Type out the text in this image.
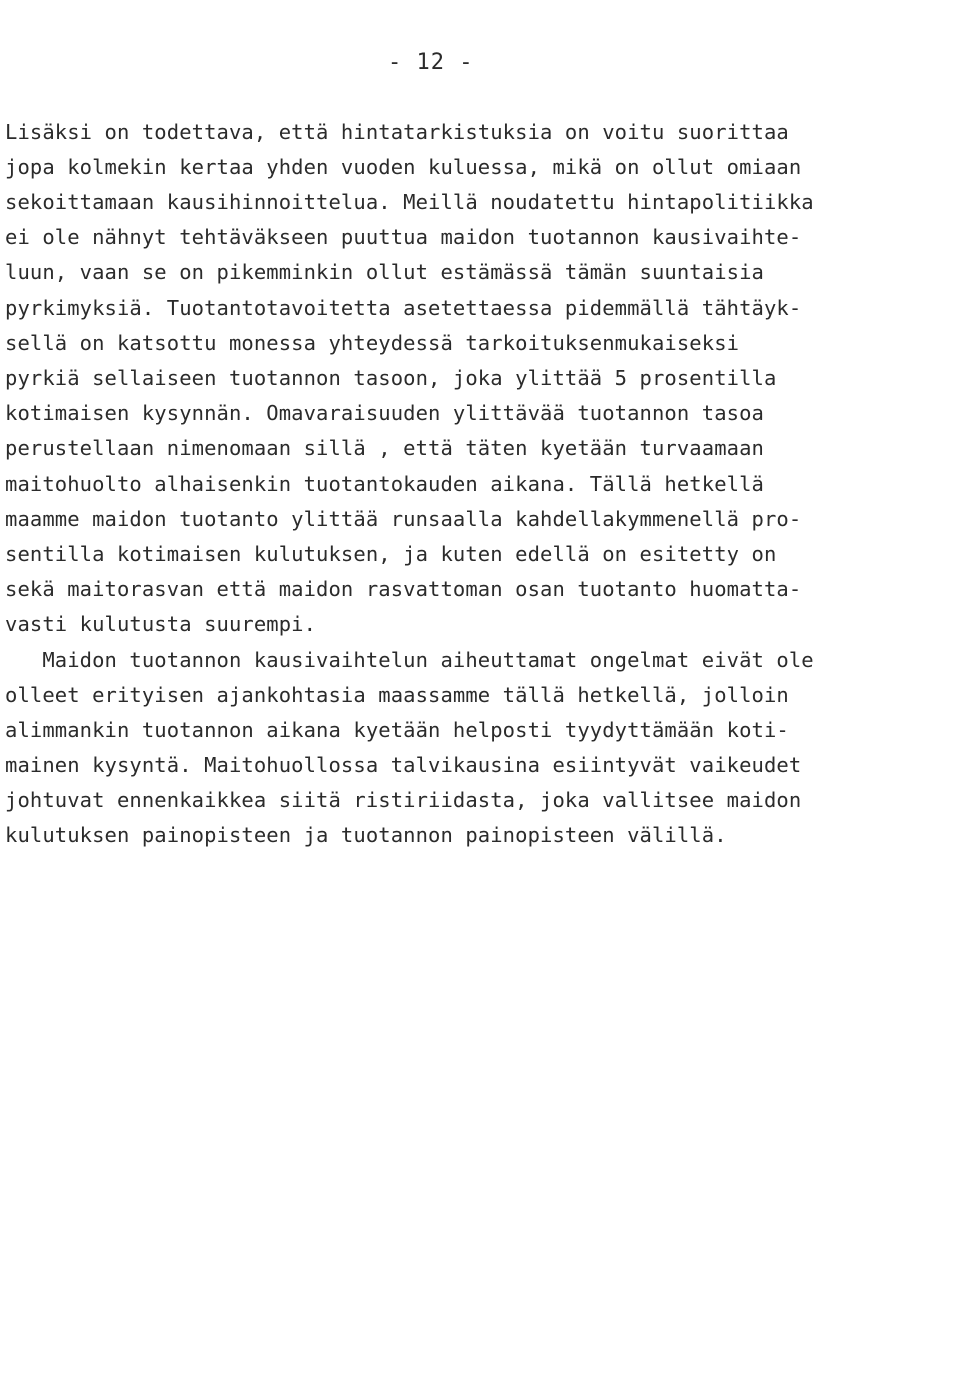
- 12 -
Lisäksi on todettava, että hintatarkistuksia on voitu suorittaa
jopa kolmekin kertaa yhden vuoden kuluessa, mikä on ollut omiaan
sekoittamaan kausihinnoittelua. Meillä noudatettu hintapolitiikka
ei ole nähnyt tehtäväkseen puuttua maidon tuotannon kausivaihte-
luun, vaan se on pikemminkin ollut estämässä tämän suuntaisia
pyrkimyksiä. Tuotantotavoitetta asetettaessa pidemmällä tähtäyk-
sellä on katsottu monessa yhteydessä tarkoituksenmukaiseksi
pyrkiä sellaiseen tuotannon tasoon, joka ylittää 5 prosentilla
kotimaisen kysynnän. Omavaraisuuden ylittävää tuotannon tasoa
perustellaan nimenomaan sillä , että täten kyetään turvaamaan
maitohuolto alhaisenkin tuotantokauden aikana. Tällä hetkellä
maamme maidon tuotanto ylittää runsaalla kahdellakymmenellä pro-
sentilla kotimaisen kulutuksen, ja kuten edellä on esitetty on
sekä maitorasvan että maidon rasvattoman osan tuotanto huomatta-
vasti kulutusta suurempi.
Maidon tuotannon kausivaihtelun aiheuttamat ongelmat eivät ole
olleet erityisen ajankohtasia maassamme tällä hetkellä, jolloin
alimmankin tuotannon aikana kyetään helposti tyydyttämään koti-
mainen kysyntä. Maitohuollossa talvikausina esiintyvät vaikeudet
johtuvat ennenkaikkea siitä ristiriidasta, joka vallitsee maidon
kulutuksen painopisteen ja tuotannon painopisteen välillä.
